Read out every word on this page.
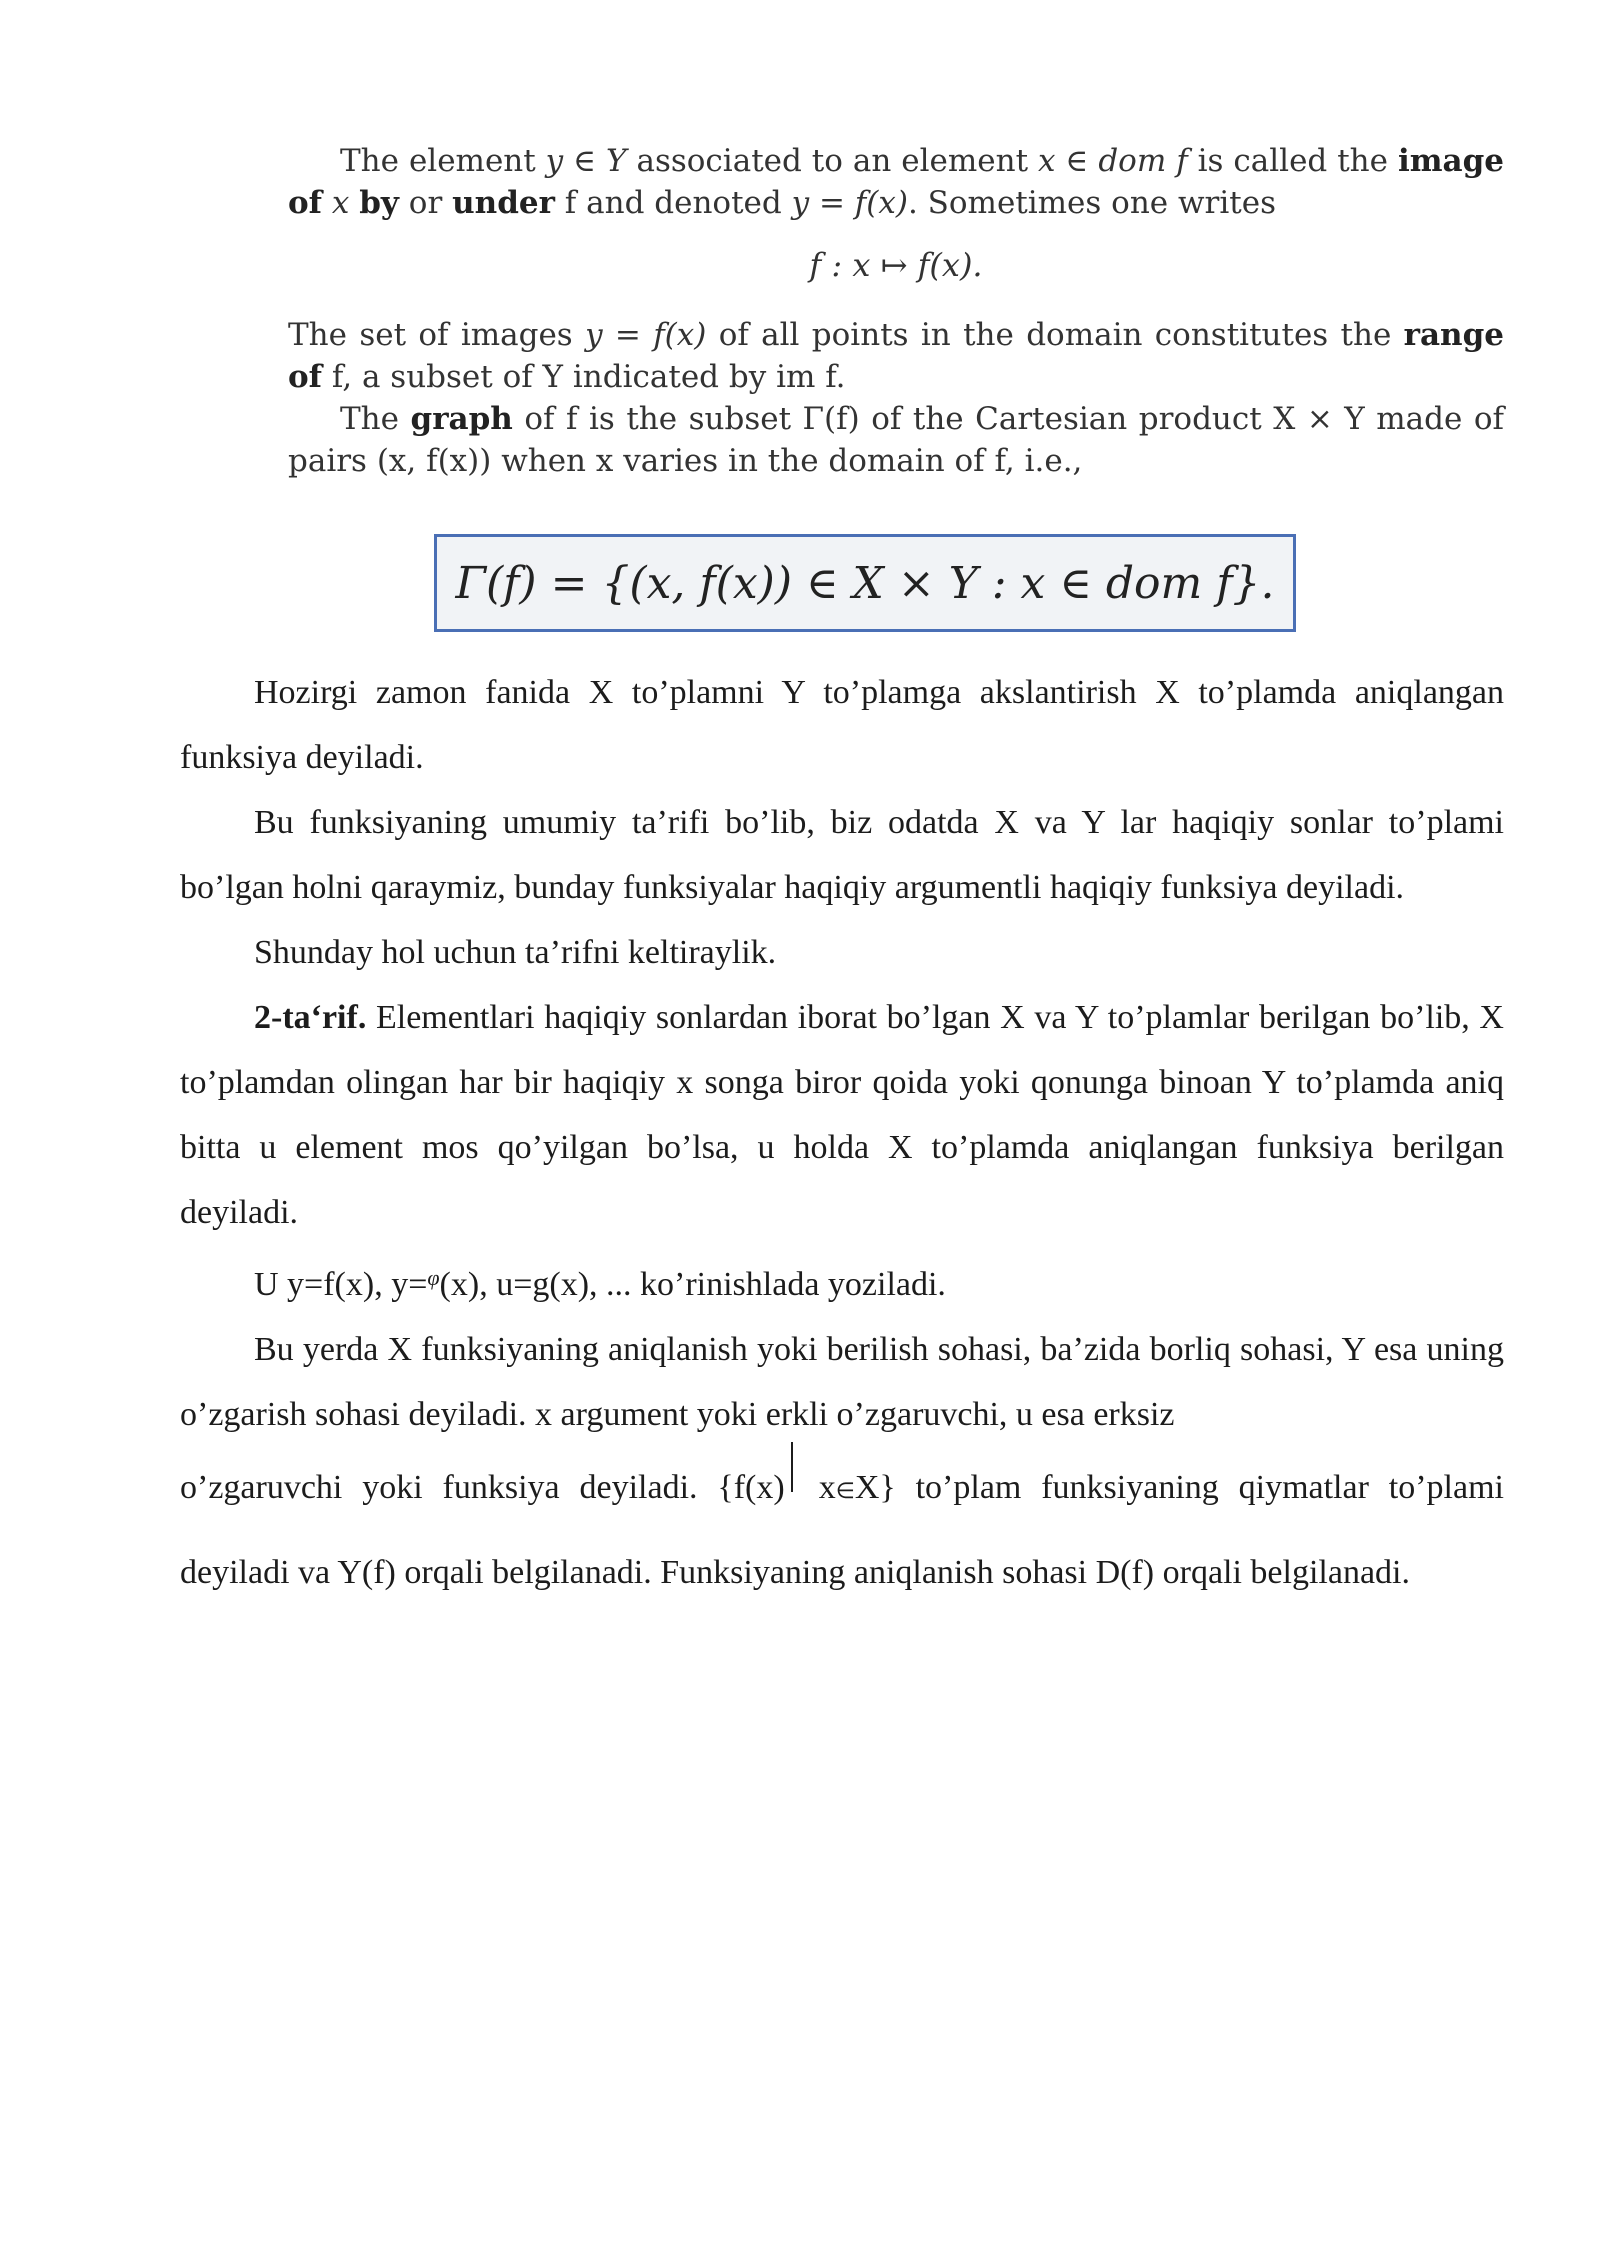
The element y ∈ Y associated to an element x ∈ dom f is called the image of x by or under f and denoted y = f(x). Sometimes one writes

f : x ↦ f(x).

The set of images y = f(x) of all points in the domain constitutes the range of f, a subset of Y indicated by im f.

The graph of f is the subset Γ(f) of the Cartesian product X × Y made of pairs (x, f(x)) when x varies in the domain of f, i.e.,

Γ(f) = {(x, f(x)) ∈ X × Y : x ∈ dom f}.

Hozirgi zamon fanida X to’plamni Y to’plamga akslantirish X to’plamda aniqlangan funksiya deyiladi.

Bu funksiyaning umumiy ta’rifi bo’lib, biz odatda X va Y lar haqiqiy sonlar to’plami bo’lgan holni qaraymiz, bunday funksiyalar haqiqiy argumentli haqiqiy funksiya deyiladi.

Shunday hol uchun ta’rifni keltiraylik.

2-ta‘rif. Elementlari haqiqiy sonlardan iborat bo’lgan X va Y to’plamlar berilgan bo’lib, X to’plamdan olingan har bir haqiqiy x songa biror qoida yoki qonunga binoan Y to’plamda aniq bitta u element mos qo’yilgan bo’lsa, u holda X to’plamda aniqlangan funksiya berilgan deyiladi.

U y=f(x), y=$^\varphi$(x), u=g(x), ... ko’rinishlada yoziladi.

Bu yerda X funksiyaning aniqlanish yoki berilish sohasi, ba’zida borliq sohasi, Y esa uning o’zgarish sohasi deyiladi. x argument yoki erkli o’zgaruvchi, u esa erksiz

o’zgaruvchi yoki funksiya deyiladi. {f(x) x∈X} to’plam funksiyaning qiymatlar to’plami deyiladi va Y(f) orqali belgilanadi. Funksiyaning aniqlanish sohasi D(f) orqali belgilanadi.
